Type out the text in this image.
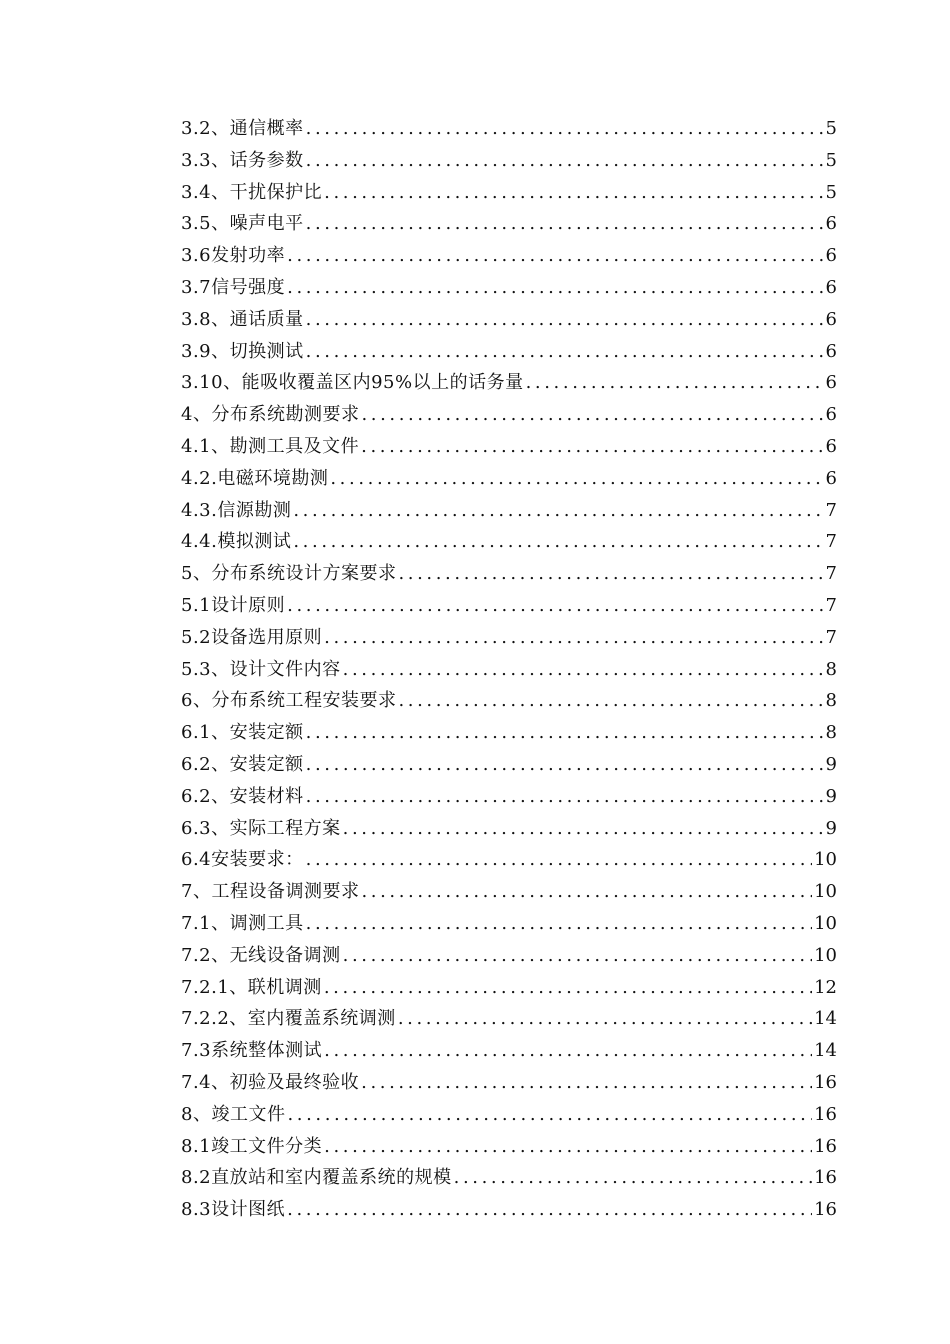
3.2、通信概率 .....	5
3.3、话务参数 .....	5
3.4、干扰保护比 .....	5
3.5、噪声电平 .....	6
3.6发射功率 .....	6
3.7信号强度 .....	6
3.8、通话质量 .....	6
3.9、切换测试 .....	6
3.10、能吸收覆盖区内95%以上的话务量 .....	6
4、分布系统勘测要求 .....	6
4.1、勘测工具及文件 .....	6
4.2.电磁环境勘测 .....	6
4.3.信源勘测 .....	7
4.4.模拟测试 .....	7
5、分布系统设计方案要求 .....	7
5.1设计原则 .....	7
5.2设备选用原则 .....	7
5.3、设计文件内容 .....	8
6、分布系统工程安装要求 .....	8
6.1、安装定额 .....	8
6.2、安装定额 .....	9
6.2、安装材料 .....	9
6.3、实际工程方案 .....	9
6.4安装要求： .....	10
7、工程设备调测要求 .....	10
7.1、调测工具 .....	10
7.2、无线设备调测 .....	10
7.2.1、联机调测 .....	12
7.2.2、室内覆盖系统调测 .....	14
7.3系统整体测试 .....	14
7.4、初验及最终验收 .....	16
8、竣工文件 .....	16
8.1竣工文件分类 .....	16
8.2直放站和室内覆盖系统的规模 .....	16
8.3设计图纸 .....	16
